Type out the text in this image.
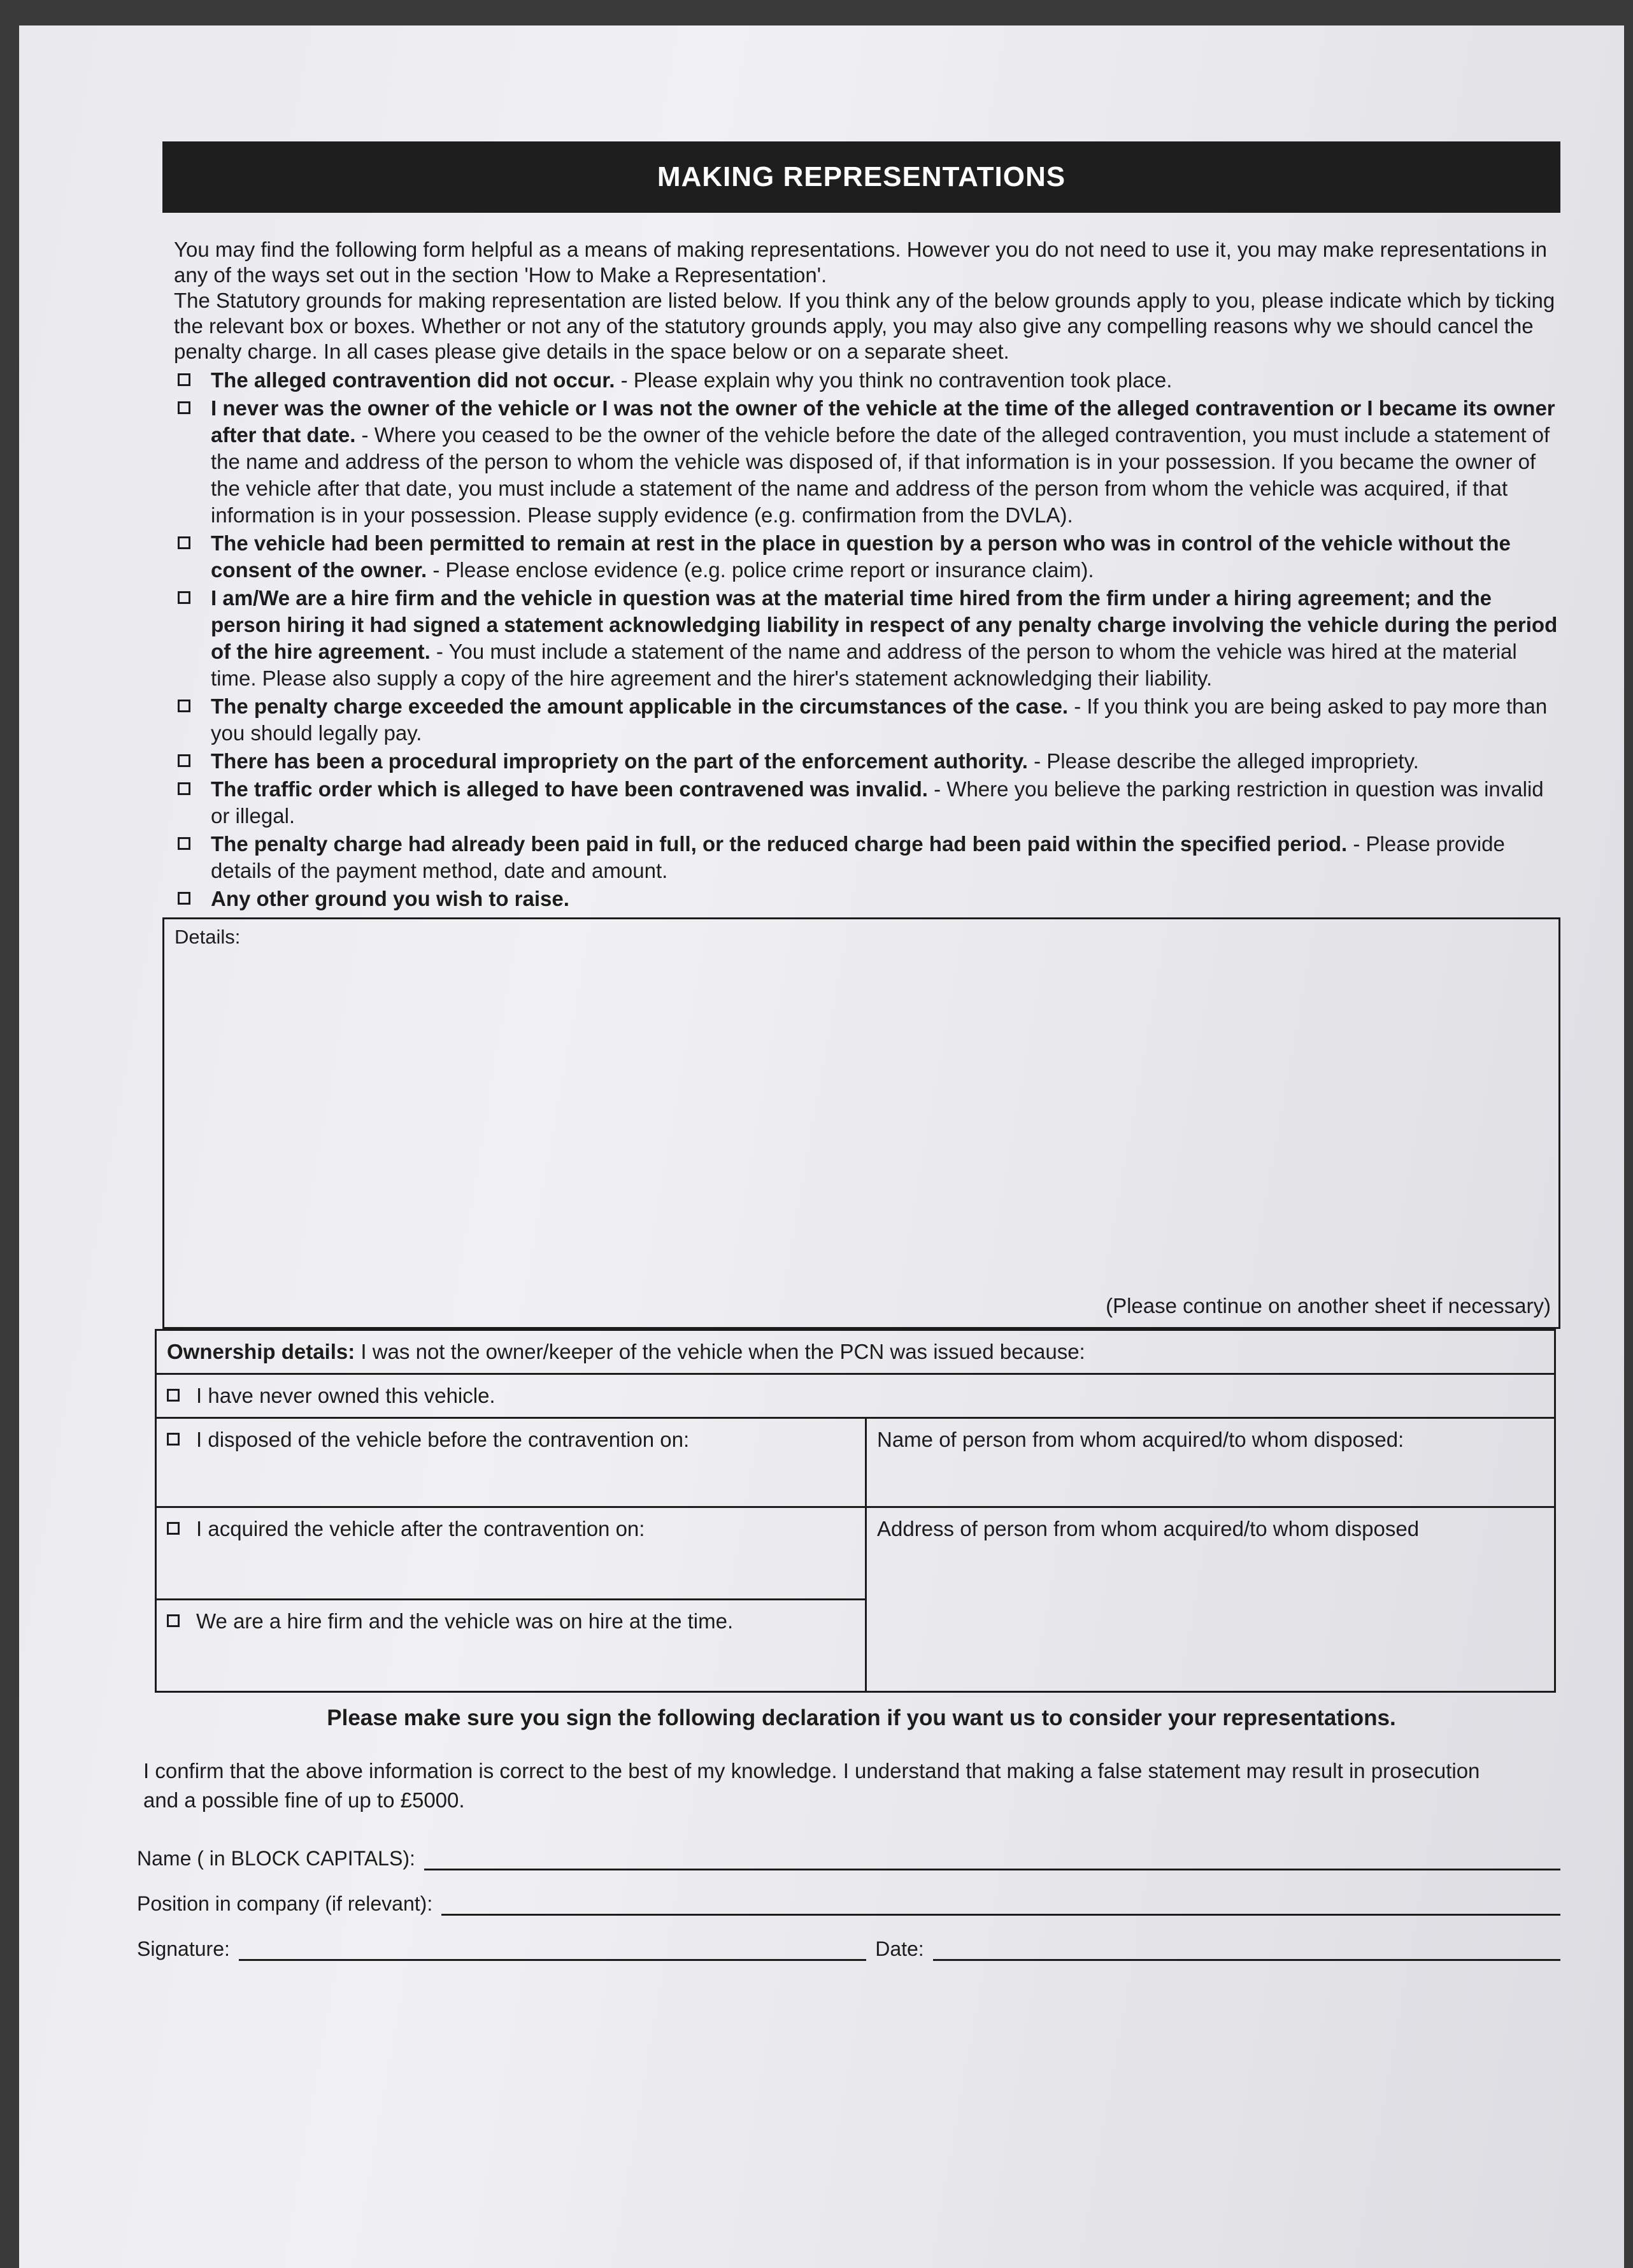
MAKING REPRESENTATIONS
You may find the following form helpful as a means of making representations. However you do not need to use it, you may make representations in any of the ways set out in the section 'How to Make a Representation'.
The Statutory grounds for making representation are listed below. If you think any of the below grounds apply to you, please indicate which by ticking the relevant box or boxes. Whether or not any of the statutory grounds apply, you may also give any compelling reasons why we should cancel the penalty charge. In all cases please give details in the space below or on a separate sheet.
The alleged contravention did not occur. - Please explain why you think no contravention took place.
I never was the owner of the vehicle or I was not the owner of the vehicle at the time of the alleged contravention or I became its owner after that date. - Where you ceased to be the owner of the vehicle before the date of the alleged contravention, you must include a statement of the name and address of the person to whom the vehicle was disposed of, if that information is in your possession. If you became the owner of the vehicle after that date, you must include a statement of the name and address of the person from whom the vehicle was acquired, if that information is in your possession. Please supply evidence (e.g. confirmation from the DVLA).
The vehicle had been permitted to remain at rest in the place in question by a person who was in control of the vehicle without the consent of the owner. - Please enclose evidence (e.g. police crime report or insurance claim).
I am/We are a hire firm and the vehicle in question was at the material time hired from the firm under a hiring agreement; and the person hiring it had signed a statement acknowledging liability in respect of any penalty charge involving the vehicle during the period of the hire agreement. - You must include a statement of the name and address of the person to whom the vehicle was hired at the material time. Please also supply a copy of the hire agreement and the hirer's statement acknowledging their liability.
The penalty charge exceeded the amount applicable in the circumstances of the case. - If you think you are being asked to pay more than you should legally pay.
There has been a procedural impropriety on the part of the enforcement authority. - Please describe the alleged impropriety.
The traffic order which is alleged to have been contravened was invalid. - Where you believe the parking restriction in question was invalid or illegal.
The penalty charge had already been paid in full, or the reduced charge had been paid within the specified period. - Please provide details of the payment method, date and amount.
Any other ground you wish to raise.
Details:
(Please continue on another sheet if necessary)
Ownership details: I was not the owner/keeper of the vehicle when the PCN was issued because:	

I have never owned this vehicle.	

I disposed of the vehicle before the contravention on:	Name of person from whom acquired/to whom disposed:

I acquired the vehicle after the contravention on:	Address of person from whom acquired/to whom disposed

We are a hire firm and the vehicle was on hire at the time.	
Please make sure you sign the following declaration if you want us to consider your representations.
I confirm that the above information is correct to the best of my knowledge. I understand that making a false statement may result in prosecution and a possible fine of up to £5000.
Name ( in BLOCK CAPITALS):
Position in company (if relevant):
Signature:	Date:
